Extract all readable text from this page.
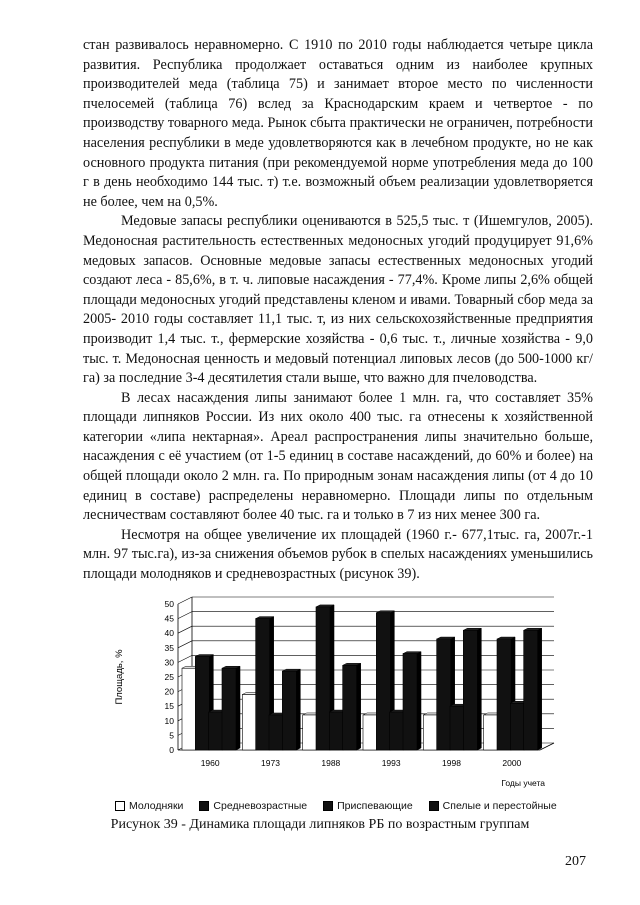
стан развивалось неравномерно. С 1910 по 2010 годы наблюдается четыре цикла развития. Республика продолжает оставаться одним из наиболее крупных производителей меда (таблица 75) и занимает второе место по численности пчелосемей (таблица 76) вслед за Краснодарским краем и четвертое - по производству товарного меда. Рынок сбыта практически не ограничен, потребности населения республики в меде удовлетворяются как в лечебном продукте, но не как основного продукта питания (при рекомендуемой норме употребления меда до 100 г в день необходимо 144 тыс. т) т.е. возможный объем реализации удовлетворяется не более, чем на 0,5%.

Медовые запасы республики оцениваются в 525,5 тыс. т (Ишемгулов, 2005). Медоносная растительность естественных медоносных угодий продуцирует 91,6% медовых запасов. Основные медовые запасы естественных медоносных угодий создают леса - 85,6%, в т. ч. липовые насаждения - 77,4%. Кроме липы 2,6% общей площади медоносных угодий представлены кленом и ивами. Товарный сбор меда за 2005- 2010 годы составляет 11,1 тыс. т, из них сельскохозяйственные предприятия производит 1,4 тыс. т., фермерские хозяйства - 0,6 тыс. т., личные хозяйства - 9,0 тыс. т. Медоносная ценность и медовый потенциал липовых лесов (до 500-1000 кг/га) за последние 3-4 десятилетия стали выше, что важно для пчеловодства.

В лесах насаждения липы занимают более 1 млн. га, что составляет 35% площади липняков России. Из них около 400 тыс. га отнесены к хозяйственной категории «липа нектарная». Ареал распространения липы значительно больше, насаждения с её участием (от 1-5 единиц в составе насаждений, до 60% и более) на общей площади около 2 млн. га. По природным зонам насаждения липы (от 4 до 10 единиц в составе) распределены неравномерно. Площади липы по отдельным лесничествам составляют более 40 тыс. га и только в 7 из них менее 300 га.

Несмотря на общее увеличение их площадей (1960 г.- 677,1тыс. га, 2007г.-1 млн. 97 тыс.га), из-за снижения объемов рубок в спелых насаждениях уменьшились площади молодняков и средневозрастных (рисунок 39).

0
5
10
15
20
25
30
35
40
45
50
Площадь, %
1960	1973	1988	1993	1998	2000
Годы учета
Молодняки	Средневозрастные	Приспевающие	Спелые и перестойные
Рисунок 39 - Динамика площади липняков РБ по возрастным группам
207
